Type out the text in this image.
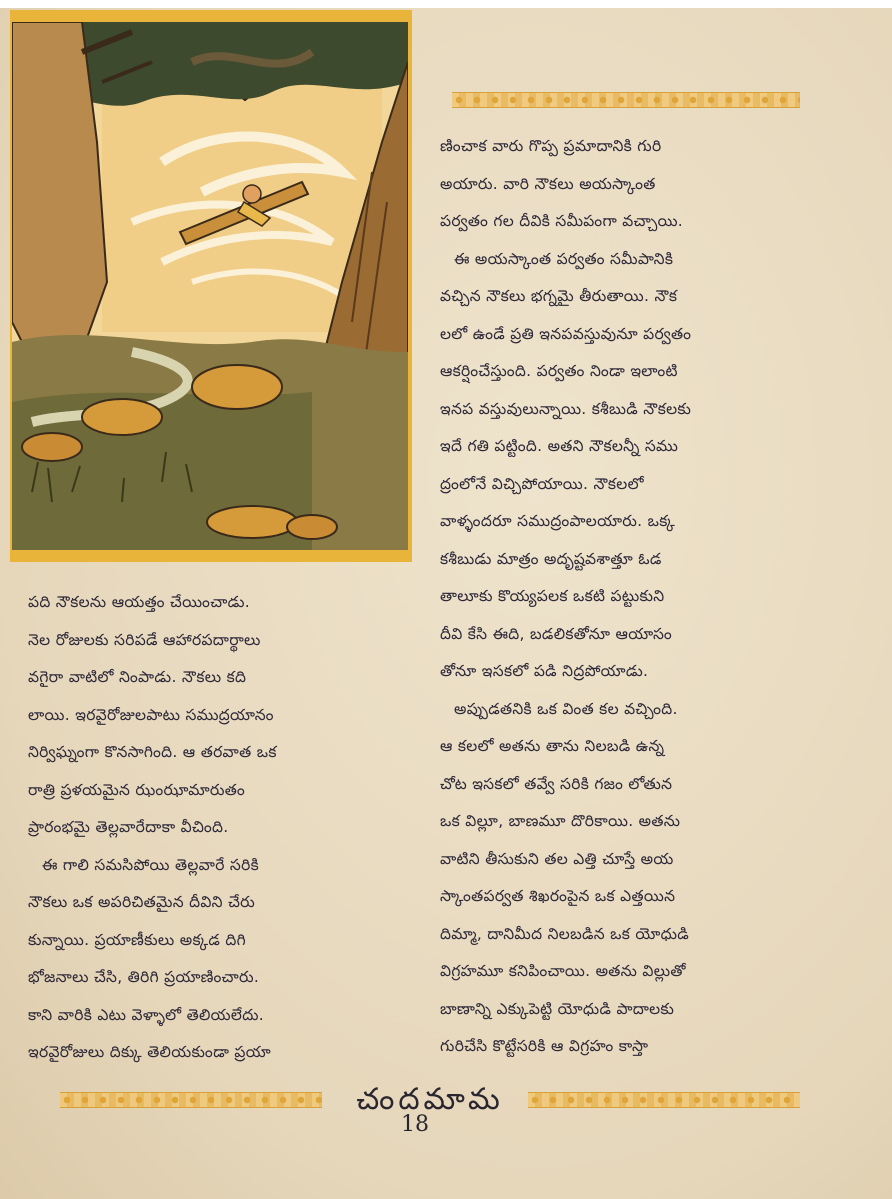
ణించాక వారు గొప్ప ప్రమాదానికి గురి

అయారు. వారి నౌకలు అయస్కాంత

పర్వతం గల దీవికి సమీపంగా వచ్చాయి.

ఈ అయస్కాంత పర్వతం సమీపానికి

వచ్చిన నౌకలు భగ్నమై తీరుతాయి. నౌక

లలో ఉండే ప్రతి ఇనపవస్తువునూ పర్వతం

ఆకర్షించేస్తుంది. పర్వతం నిండా ఇలాంటి

ఇనప వస్తువులున్నాయి. కశీబుడి నౌకలకు

ఇదే గతి పట్టింది. అతని నౌకలన్నీ సము

ద్రంలోనే విచ్చిపోయాయి. నౌకలలో

వాళ్ళందరూ సముద్రంపాలయారు. ఒక్క

కశీబుడు మాత్రం అదృష్టవశాత్తూ ఓడ

తాలూకు కొయ్యపలక ఒకటి పట్టుకుని

దీవి కేసి ఈది, బడలికతోనూ ఆయాసం

తోనూ ఇసకలో పడి నిద్రపోయాడు.

అప్పుడతనికి ఒక వింత కల వచ్చింది.

ఆ కలలో అతను తాను నిలబడి ఉన్న

చోట ఇసకలో తవ్వే సరికి గజం లోతున

ఒక విల్లూ, బాణమూ దొరికాయి. అతను

వాటిని తీసుకుని తల ఎత్తి చూస్తే అయ

స్కాంతపర్వత శిఖరంపైన ఒక ఎత్తయిన

దిమ్మా, దానిమీద నిలబడిన ఒక యోధుడి

విగ్రహమూ కనిపించాయి. అతను విల్లుతో

బాణాన్ని ఎక్కుపెట్టి యోధుడి పాదాలకు

గురిచేసి కొట్టేసరికి ఆ విగ్రహం కాస్తా

పది నౌకలను ఆయత్తం చేయించాడు.

నెల రోజులకు సరిపడే ఆహారపదార్థాలు

వగైరా వాటిలో నింపాడు. నౌకలు కది

లాయి. ఇరవైరోజులపాటు సముద్రయానం

నిర్విఘ్నంగా కొనసాగింది. ఆ తరవాత ఒక

రాత్రి ప్రళయమైన ఝంఝామారుతం

ప్రారంభమై తెల్లవారేదాకా వీచింది.

ఈ గాలి సమసిపోయి తెల్లవారే సరికి

నౌకలు ఒక అపరిచితమైన దీవిని చేరు

కున్నాయి. ప్రయాణీకులు అక్కడ దిగి

భోజనాలు చేసి, తిరిగి ప్రయాణించారు.

కాని వారికి ఎటు వెళ్ళాలో తెలియలేదు.

ఇరవైరోజులు దిక్కు తెలియకుండా ప్రయా

చందమామ
18
